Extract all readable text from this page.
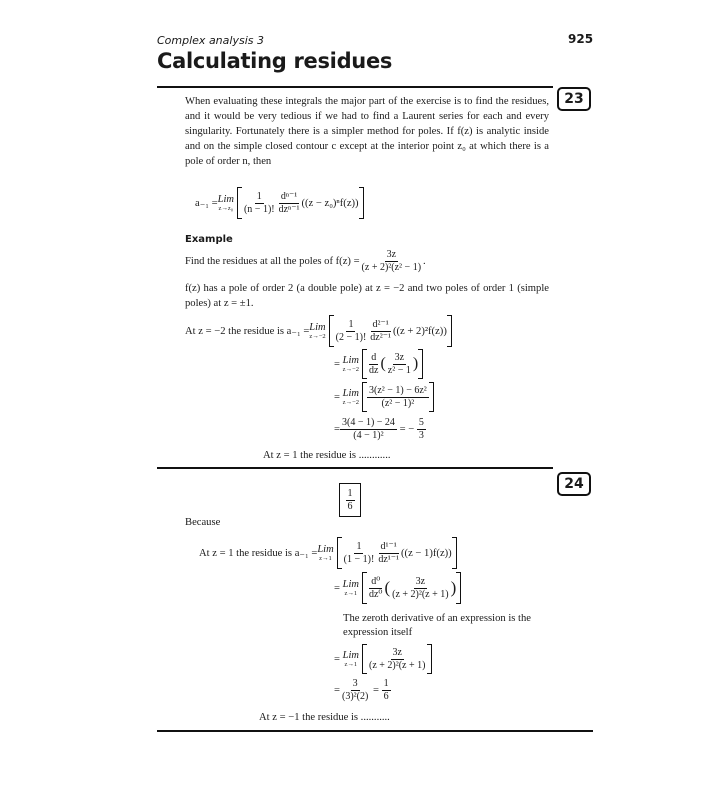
Complex analysis 3	925
Calculating residues
23
When evaluating these integrals the major part of the exercise is to find the residues, and it would be very tedious if we had to find a Laurent series for each and every singularity. Fortunately there is a simpler method for poles. If f(z) is analytic inside and on the simple closed contour c except at the interior point z₀ at which there is a pole of order n, then
a₋₁ = Lim
$z\to z_0 \frac{1}{(n - 1)!} \frac{\text{dⁿ⁻¹}}{\text{dzⁿ⁻¹}} ((z - z_0)^nf(z))$
Example
Find the residues at all the poles of $f(z) = \frac{3z}{\text{(z + 2)²(z² − 1)}}$ .
f(z) has a pole of order 2 (a double pole) at z = −2 and two poles of order 1 (simple poles) at z = ±1.
At z = −2 the residue is a₋₁ = Lim
$z\to-2 \frac{1}{(2 - 1)!} \frac{\text{d²⁻¹}}{\text{dz²⁻¹}} ((z + 2)^2f(z))$
=
Lim
$z\to-2 \frac{d}{dz}$ ( $\frac{3z}{\text{z² − 1}}$ )
=
Lim
$z\to-2 \frac{\text{3(z² − 1) − 6z²}}{\text{(z² − 1)²}}$
= $\frac{3(4 - 1) - 24}{\text{(4 − 1)²}}$
= −
$\frac{5}{3}$
At z = 1 the residue is ............
24
$\frac{1}{6}$
Because
At z = 1 the residue is a₋₁ = Lim
$z\to 1 \frac{1}{(1 - 1)!} \frac{\text{d¹⁻¹}}{\text{dz¹⁻¹}} ((z - 1)f(z))$
=
Lim
$z\to 1 \frac{\text{d⁰}}{\text{dz⁰}}$ ( $\frac{3z}{\text{(z + 2)²(z + 1)}}$ )
The zeroth derivative of an expression is the expression itself
=
Lim
$z\to 1 \frac{3z}{\text{(z + 2)²(z + 1)}}$
= $\frac{3}{\text{(3)²(2)}}$
=
$\frac{1}{6}$
At z = −1 the residue is ...........
